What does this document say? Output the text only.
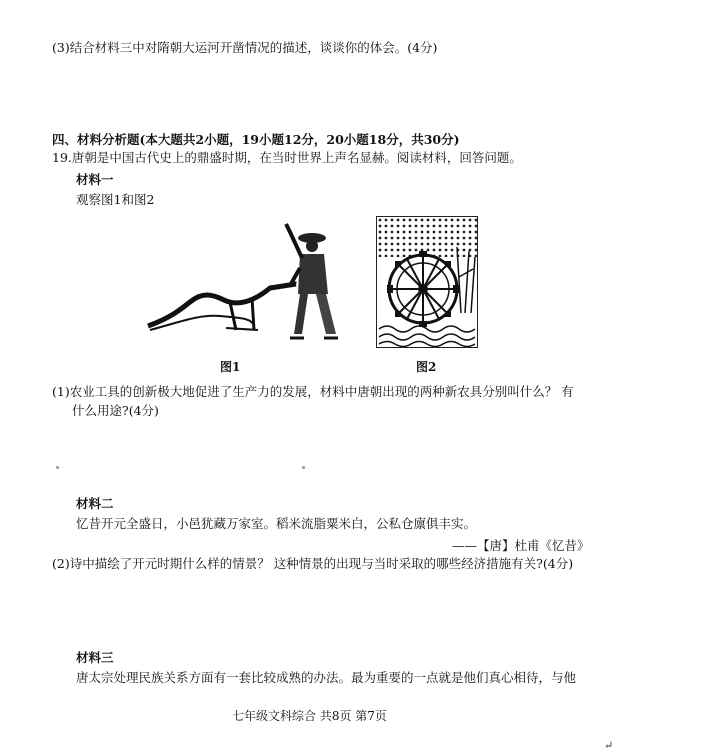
(3)结合材料三中对隋朝大运河开凿情况的描述，谈谈你的体会。(4分)
四、材料分析题(本大题共2小题，19小题12分，20小题18分，共30分)
19.唐朝是中国古代史上的鼎盛时期，在当时世界上声名显赫。阅读材料，回答问题。
材料一
观察图1和图2
图1	图2
(1)农业工具的创新极大地促进了生产力的发展，材料中唐朝出现的两种新农具分别叫什么？ 有
什么用途?(4分)
材料二
忆昔开元全盛日，小邑犹藏万家室。稻米流脂粟米白，公私仓廪俱丰实。
——【唐】杜甫《忆昔》
(2)诗中描绘了开元时期什么样的情景？ 这种情景的出现与当时采取的哪些经济措施有关?(4分)
材料三
唐太宗处理民族关系方面有一套比较成熟的办法。最为重要的一点就是他们真心相待，与他
七年级文科综合 共8页 第7页
↵
